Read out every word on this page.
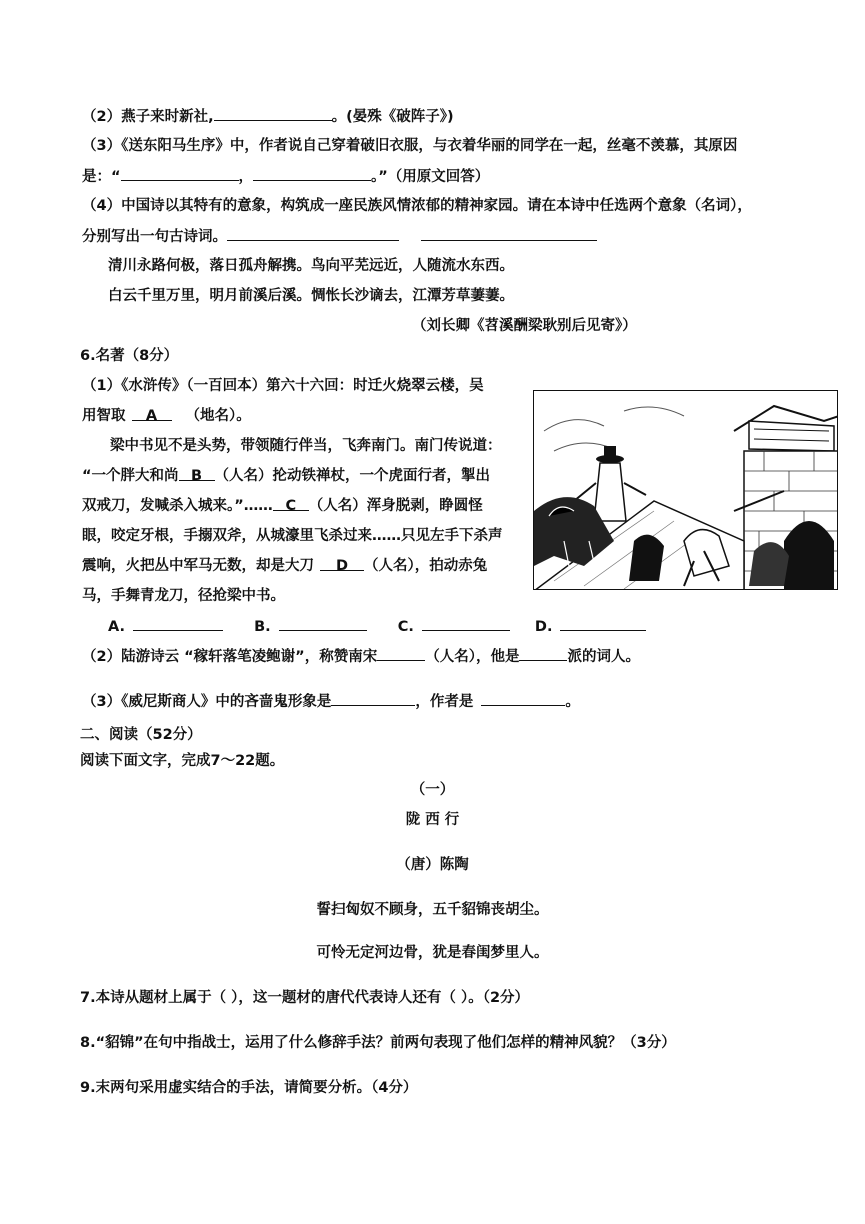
（2）燕子来时新社,	。(晏殊《破阵子》)
（3）《送东阳马生序》中，作者说自己穿着破旧衣服，与衣着华丽的同学在一起，丝毫不羡慕，其原因
是：“	，	。”（用原文回答）
（4）中国诗以其特有的意象，构筑成一座民族风情浓郁的精神家园。请在本诗中任选两个意象（名词），
分别写出一句古诗词。
清川永路何极，落日孤舟解携。鸟向平芜远近，人随流水东西。
白云千里万里，明月前溪后溪。惆怅长沙谪去，江潭芳草萋萋。
（刘长卿《苕溪酬梁耿别后见寄》）
6.名著（8分）
（1）《水浒传》（一百回本）第六十六回：时迁火烧翠云楼，吴
用智取 A （地名）。
梁中书见不是头势，带领随行伴当，飞奔南门。南门传说道：
“一个胖大和尚 B （人名）抡动铁禅杖，一个虎面行者，掣出
双戒刀，发喊杀入城来。”…… C （人名）浑身脱剥，睁圆怪
眼，咬定牙根，手搦双斧，从城濠里飞杀过来……只见左手下杀声
震响，火把丛中军马无数，却是大刀 D （人名），拍动赤兔
马，手舞青龙刀，径抢梁中书。
A.	B.	C.	D.
（2）陆游诗云 “稼轩落笔凌鲍谢”，称赞南宋	（人名），他是	派的词人。
（3）《威尼斯商人》中的吝啬鬼形象是	，作者是	。
二、阅读（52分）
阅读下面文字，完成7～22题。
（一）
陇 西 行
（唐）陈陶
誓扫匈奴不顾身，五千貂锦丧胡尘。
可怜无定河边骨，犹是春闺梦里人。
7.本诗从题材上属于（ ），这一题材的唐代代表诗人还有（ ）。（2分）
8.“貂锦”在句中指战士，运用了什么修辞手法？前两句表现了他们怎样的精神风貌？（3分）
9.末两句采用虚实结合的手法，请简要分析。（4分）
